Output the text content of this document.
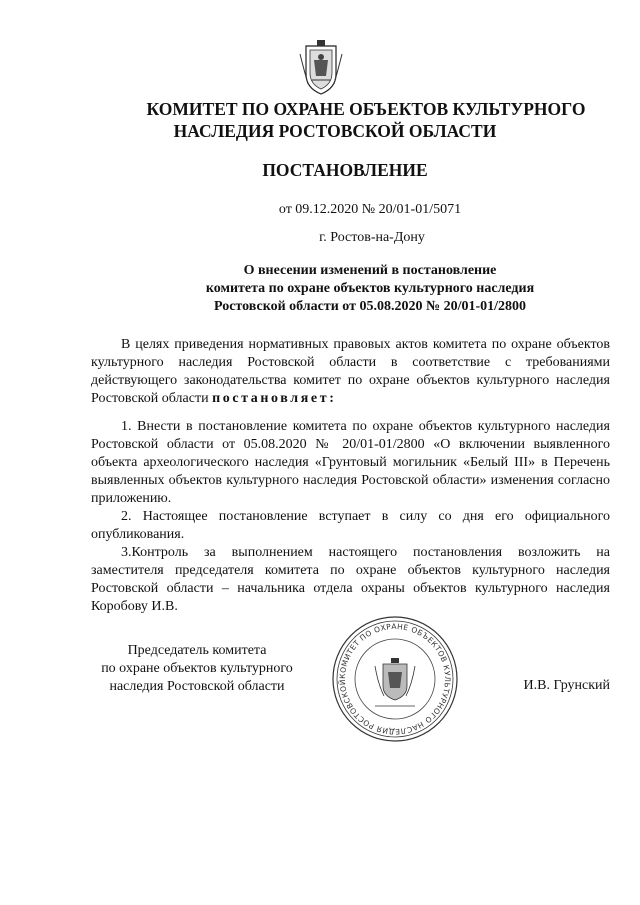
КОМИТЕТ ПО ОХРАНЕ ОБЪЕКТОВ КУЛЬТУРНОГО
НАСЛЕДИЯ РОСТОВСКОЙ ОБЛАСТИ
ПОСТАНОВЛЕНИЕ
от 09.12.2020 № 20/01-01/5071
г. Ростов-на-Дону
О внесении изменений в постановление
комитета по охране объектов культурного наследия
Ростовской области от 05.08.2020 № 20/01-01/2800

В целях приведения нормативных правовых актов комитета по охране объектов культурного наследия Ростовской области в соответствие с требованиями действующего законодательства комитет по охране объектов культурного наследия Ростовской области постановляет:

1. Внести в постановление комитета по охране объектов культурного наследия Ростовской области от 05.08.2020 № 20/01-01/2800 «О включении выявленного объекта археологического наследия «Грунтовый могильник «Белый III» в Перечень выявленных объектов культурного наследия Ростовской области» изменения согласно приложению.

2. Настоящее постановление вступает в силу со дня его официального опубликования.

3.Контроль за выполнением настоящего постановления возложить на заместителя председателя комитета по охране объектов культурного наследия Ростовской области – начальника отдела охраны объектов культурного наследия Коробову И.В.

Председатель комитета
по охране объектов культурного
наследия Ростовской области
КОМИТЕТ ПО ОХРАНЕ ОБЪЕКТОВ КУЛЬТУРНОГО НАСЛЕДИЯ РОСТОВСКОЙ	И.В. Грунский
